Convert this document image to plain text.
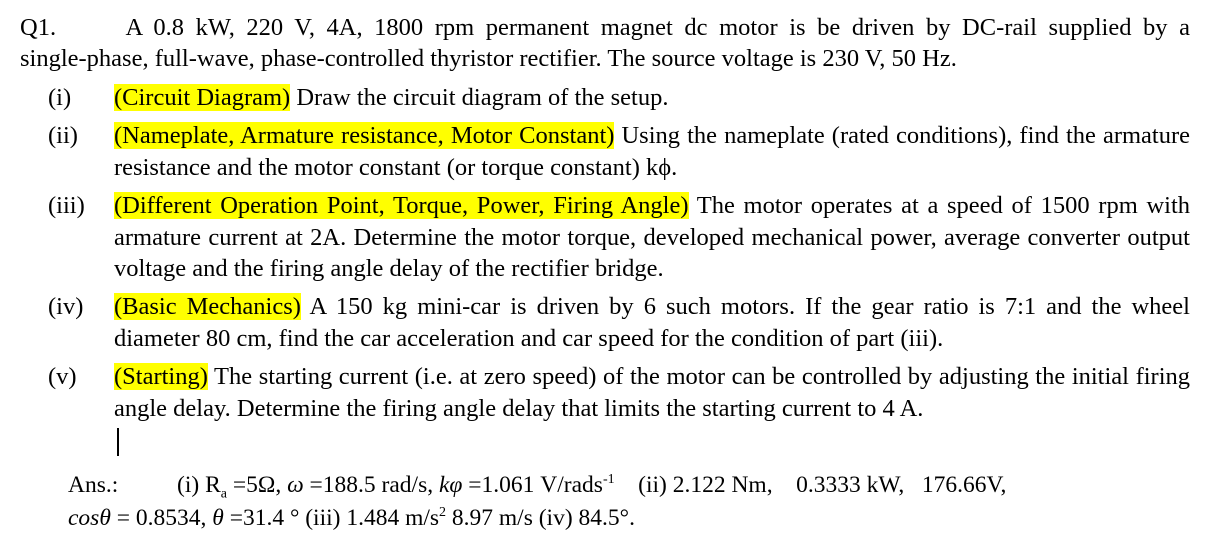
Q1.	A 0.8 kW, 220 V, 4A, 1800 rpm permanent magnet dc motor is be driven by DC-rail supplied by a
single-phase, full-wave, phase-controlled thyristor rectifier. The source voltage is 230 V, 50 Hz.
(i) (Circuit Diagram) Draw the circuit diagram of the setup.
(ii) (Nameplate, Armature resistance, Motor Constant) Using the nameplate (rated conditions), find the armature resistance and the motor constant (or torque constant) kϕ.
(iii) (Different Operation Point, Torque, Power, Firing Angle) The motor operates at a speed of 1500 rpm with armature current at 2A. Determine the motor torque, developed mechanical power, average converter output voltage and the firing angle delay of the rectifier bridge.
(iv) (Basic Mechanics) A 150 kg mini-car is driven by 6 such motors. If the gear ratio is 7:1 and the wheel diameter 80 cm, find the car acceleration and car speed for the condition of part (iii).
(v) (Starting) The starting current (i.e. at zero speed) of the motor can be controlled by adjusting the initial firing angle delay. Determine the firing angle delay that limits the starting current to 4 A.
Ans.:	(i) $R_a =5\Omega$, ω =188.5 rad/s, kφ =1.061 V/rads$^{-1}$ (ii) 2.122 Nm, 0.3333 kW, 176.66V,
cosθ = 0.8534, θ =31.4 ° (iii) 1.484 $m/s^2$ 8.97 m/s (iv) 84.5°.
